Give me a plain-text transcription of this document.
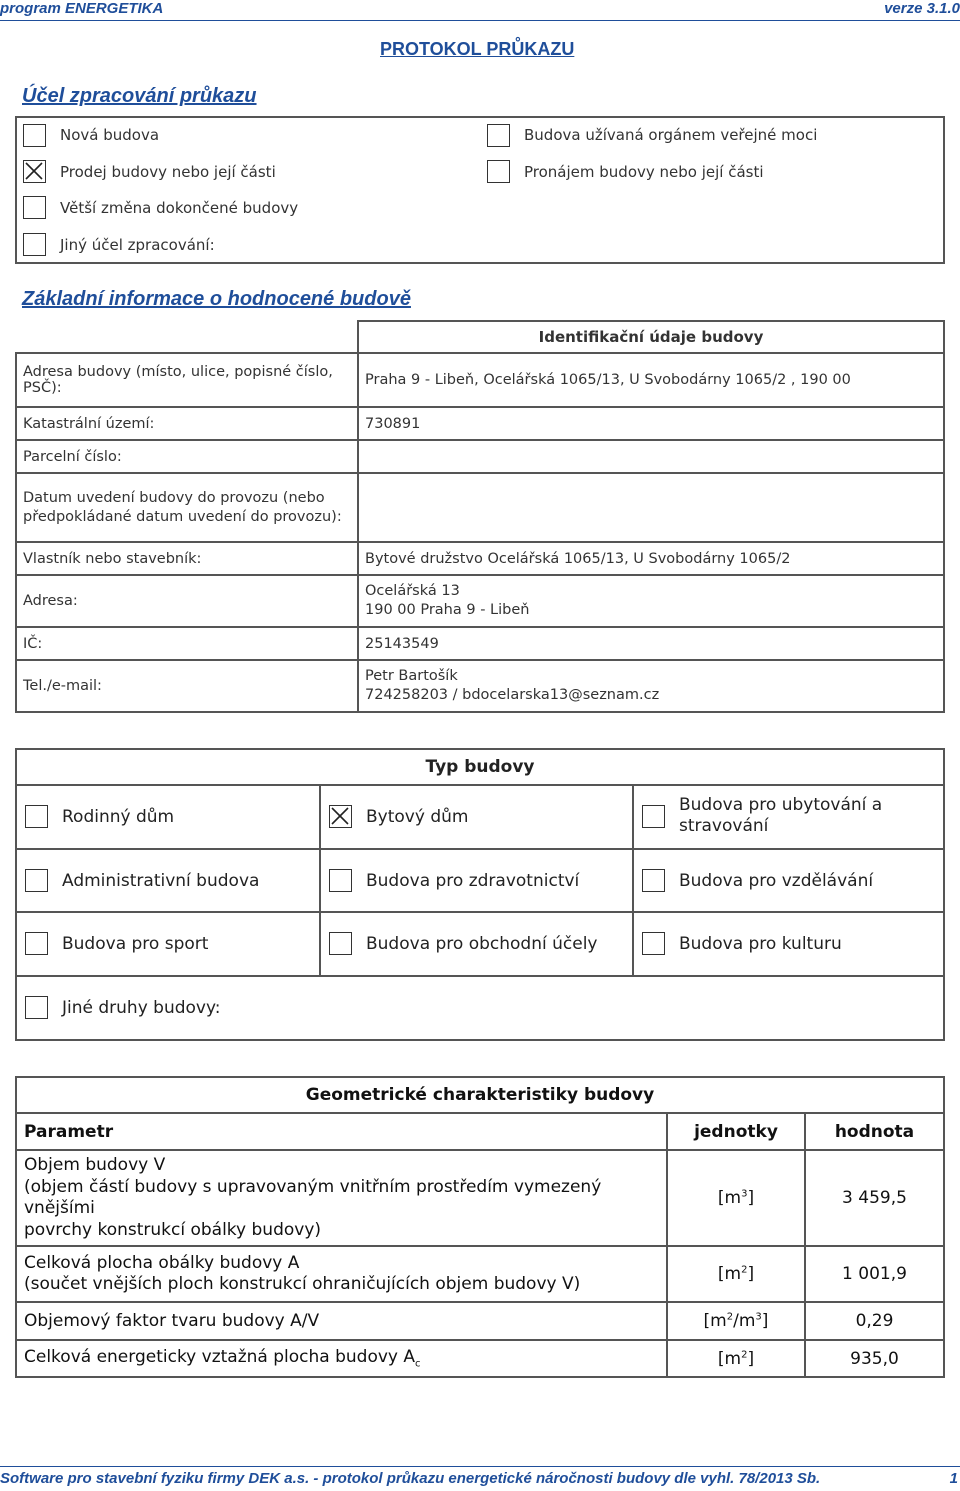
program ENERGETIKA	verze 3.1.0
PROTOKOL PRŮKAZU
Účel zpracování průkazu
Nová budova	Budova užívaná orgánem veřejné moci
Prodej budovy nebo její části	Pronájem budovy nebo její části
Větší změna dokončené budovy
Jiný účel zpracování:
Základní informace o hodnocené budově
	Identifikační údaje budovy
Adresa budovy (místo, ulice, popisné číslo, PSČ):	Praha 9 - Libeň, Ocelářská 1065/13, U Svobodárny 1065/2 , 190 00
Katastrální území:	730891
Parcelní číslo:	
Datum uvedení budovy do provozu (nebo předpokládané datum uvedení do provozu):	
Vlastník nebo stavebník:	Bytové družstvo Ocelářská 1065/13, U Svobodárny 1065/2
Adresa:	Ocelářská 13
190 00 Praha 9 - Libeň

IČ:	25143549
Tel./e-mail:	Petr Bartošík
724258203 / bdocelarska13@seznam.cz
Typ budovy		

Rodinný dům	Bytový dům	Budova pro ubytování a stravování

Administrativní budova	Budova pro zdravotnictví	Budova pro vzdělávání

Budova pro sport	Budova pro obchodní účely	Budova pro kulturu

Jiné druhy budovy:		
Geometrické charakteristiky budovy		
Parametr	jednotky	hodnota

Objem budovy V
(objem částí budovy s upravovaným vnitřním prostředím vymezený vnějšími
povrchy konstrukcí obálky budovy)	$[m^3]$	3 459,5

Celková plocha obálky budovy A
(součet vnějších ploch konstrukcí ohraničujících objem budovy V)	$[m^2]$	1 001,9
Objemový faktor tvaru budovy A/V	$[m^2/m^3]$	0,29
Celková energeticky vztažná plocha budovy $A_c$	$[m^2]$	935,0
Software pro stavební fyziku firmy DEK a.s. - protokol průkazu energetické náročnosti budovy dle vyhl. 78/2013 Sb.	1
